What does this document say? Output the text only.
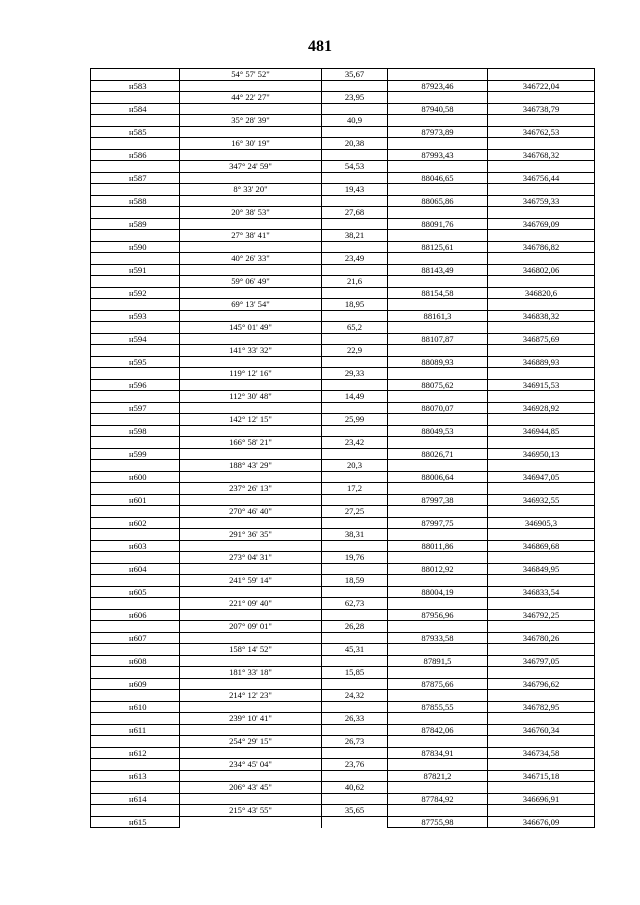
481
	54° 57' 52"	35,67		
н583			87923,46	346722,04
	44° 22' 27"	23,95		
н584			87940,58	346738,79
	35° 28' 39"	40,9		
н585			87973,89	346762,53
	16° 30' 19"	20,38		
н586			87993,43	346768,32
	347° 24' 59"	54,53		
н587			88046,65	346756,44
	8° 33' 20"	19,43		
н588			88065,86	346759,33
	20° 38' 53"	27,68		
н589			88091,76	346769,09
	27° 38' 41"	38,21		
н590			88125,61	346786,82
	40° 26' 33"	23,49		
н591			88143,49	346802,06
	59° 06' 49"	21,6		
н592			88154,58	346820,6
	69° 13' 54"	18,95		
н593			88161,3	346838,32
	145° 01' 49"	65,2		
н594			88107,87	346875,69
	141° 33' 32"	22,9		
н595			88089,93	346889,93
	119° 12' 16"	29,33		
н596			88075,62	346915,53
	112° 30' 48"	14,49		
н597			88070,07	346928,92
	142° 12' 15"	25,99		
н598			88049,53	346944,85
	166° 58' 21"	23,42		
н599			88026,71	346950,13
	188° 43' 29"	20,3		
н600			88006,64	346947,05
	237° 26' 13"	17,2		
н601			87997,38	346932,55
	270° 46' 40"	27,25		
н602			87997,75	346905,3
	291° 36' 35"	38,31		
н603			88011,86	346869,68
	273° 04' 31"	19,76		
н604			88012,92	346849,95
	241° 59' 14"	18,59		
н605			88004,19	346833,54
	221° 09' 40"	62,73		
н606			87956,96	346792,25
	207° 09' 01"	26,28		
н607			87933,58	346780,26
	158° 14' 52"	45,31		
н608			87891,5	346797,05
	181° 33' 18"	15,85		
н609			87875,66	346796,62
	214° 12' 23"	24,32		
н610			87855,55	346782,95
	239° 10' 41"	26,33		
н611			87842,06	346760,34
	254° 29' 15"	26,73		
н612			87834,91	346734,58
	234° 45' 04"	23,76		
н613			87821,2	346715,18
	206° 43' 45"	40,62		
н614			87784,92	346696,91
	215° 43' 55"	35,65		
н615			87755,98	346676,09
